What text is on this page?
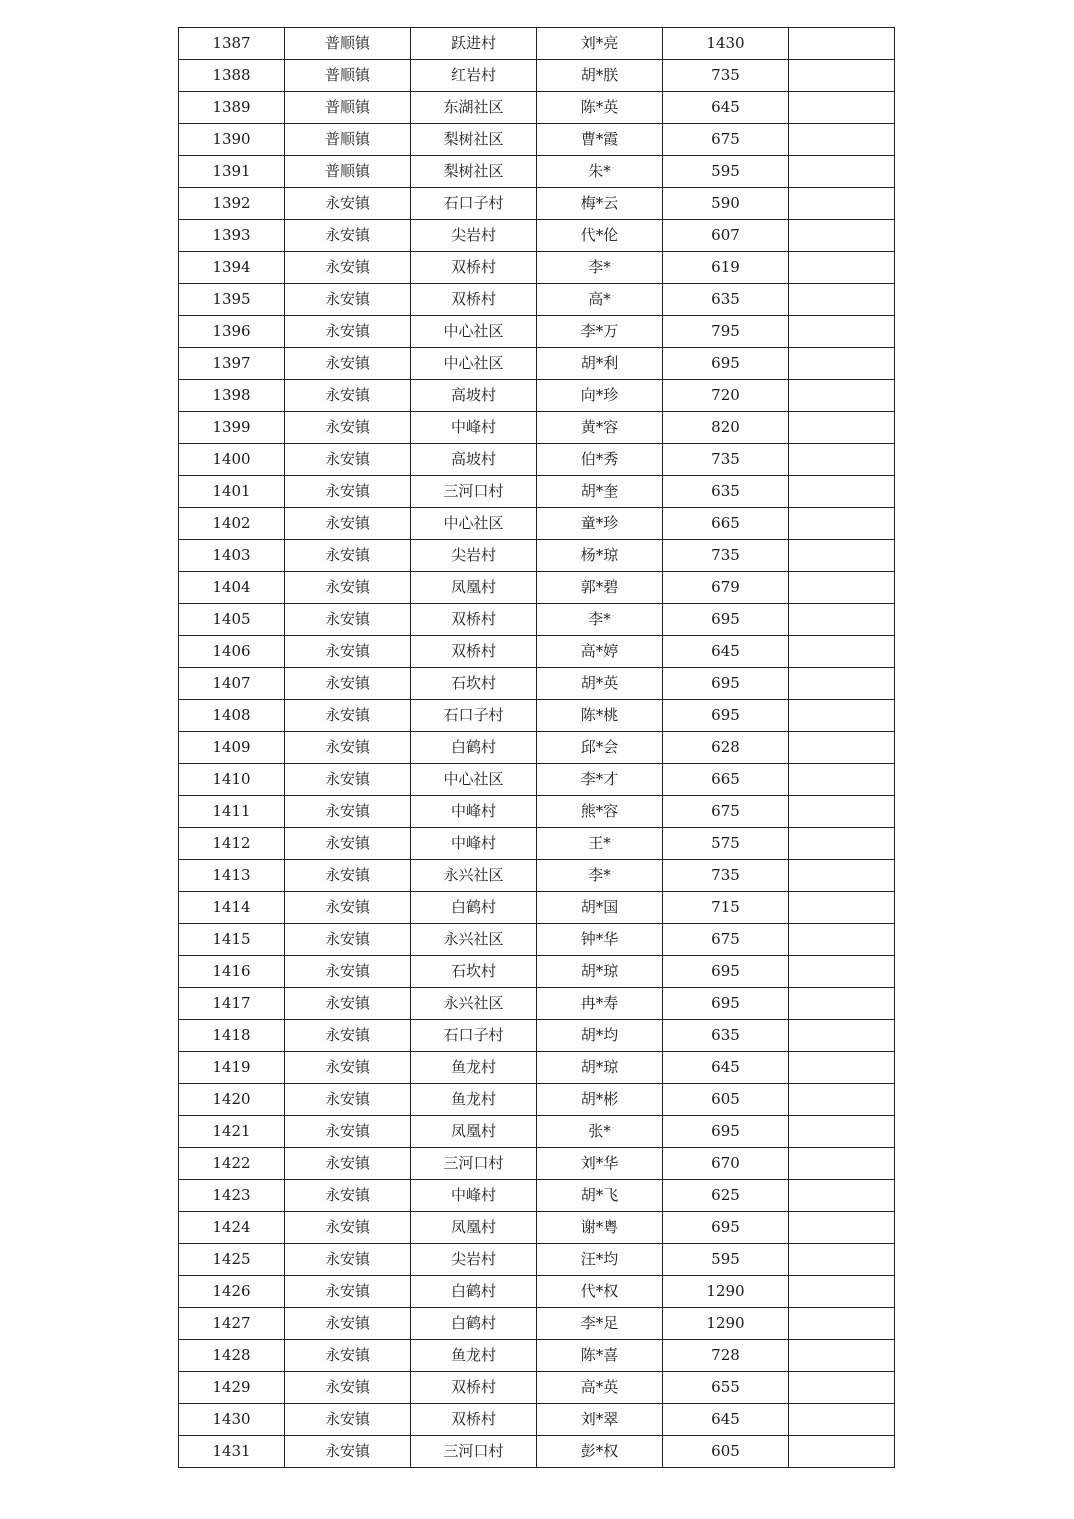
1387	普顺镇	跃进村	刘*亮	1430	
1388	普顺镇	红岩村	胡*朕	735	
1389	普顺镇	东湖社区	陈*英	645	
1390	普顺镇	梨树社区	曹*霞	675	
1391	普顺镇	梨树社区	朱*	595	
1392	永安镇	石口子村	梅*云	590	
1393	永安镇	尖岩村	代*伦	607	
1394	永安镇	双桥村	李*	619	
1395	永安镇	双桥村	高*	635	
1396	永安镇	中心社区	李*万	795	
1397	永安镇	中心社区	胡*利	695	
1398	永安镇	高坡村	向*珍	720	
1399	永安镇	中峰村	黄*容	820	
1400	永安镇	高坡村	伯*秀	735	
1401	永安镇	三河口村	胡*奎	635	
1402	永安镇	中心社区	童*珍	665	
1403	永安镇	尖岩村	杨*琼	735	
1404	永安镇	凤凰村	郭*碧	679	
1405	永安镇	双桥村	李*	695	
1406	永安镇	双桥村	高*婷	645	
1407	永安镇	石坎村	胡*英	695	
1408	永安镇	石口子村	陈*桃	695	
1409	永安镇	白鹤村	邱*会	628	
1410	永安镇	中心社区	李*才	665	
1411	永安镇	中峰村	熊*容	675	
1412	永安镇	中峰村	王*	575	
1413	永安镇	永兴社区	李*	735	
1414	永安镇	白鹤村	胡*国	715	
1415	永安镇	永兴社区	钟*华	675	
1416	永安镇	石坎村	胡*琼	695	
1417	永安镇	永兴社区	冉*寿	695	
1418	永安镇	石口子村	胡*均	635	
1419	永安镇	鱼龙村	胡*琼	645	
1420	永安镇	鱼龙村	胡*彬	605	
1421	永安镇	凤凰村	张*	695	
1422	永安镇	三河口村	刘*华	670	
1423	永安镇	中峰村	胡*飞	625	
1424	永安镇	凤凰村	谢*粤	695	
1425	永安镇	尖岩村	汪*均	595	
1426	永安镇	白鹤村	代*权	1290	
1427	永安镇	白鹤村	李*足	1290	
1428	永安镇	鱼龙村	陈*喜	728	
1429	永安镇	双桥村	高*英	655	
1430	永安镇	双桥村	刘*翠	645	
1431	永安镇	三河口村	彭*权	605	
